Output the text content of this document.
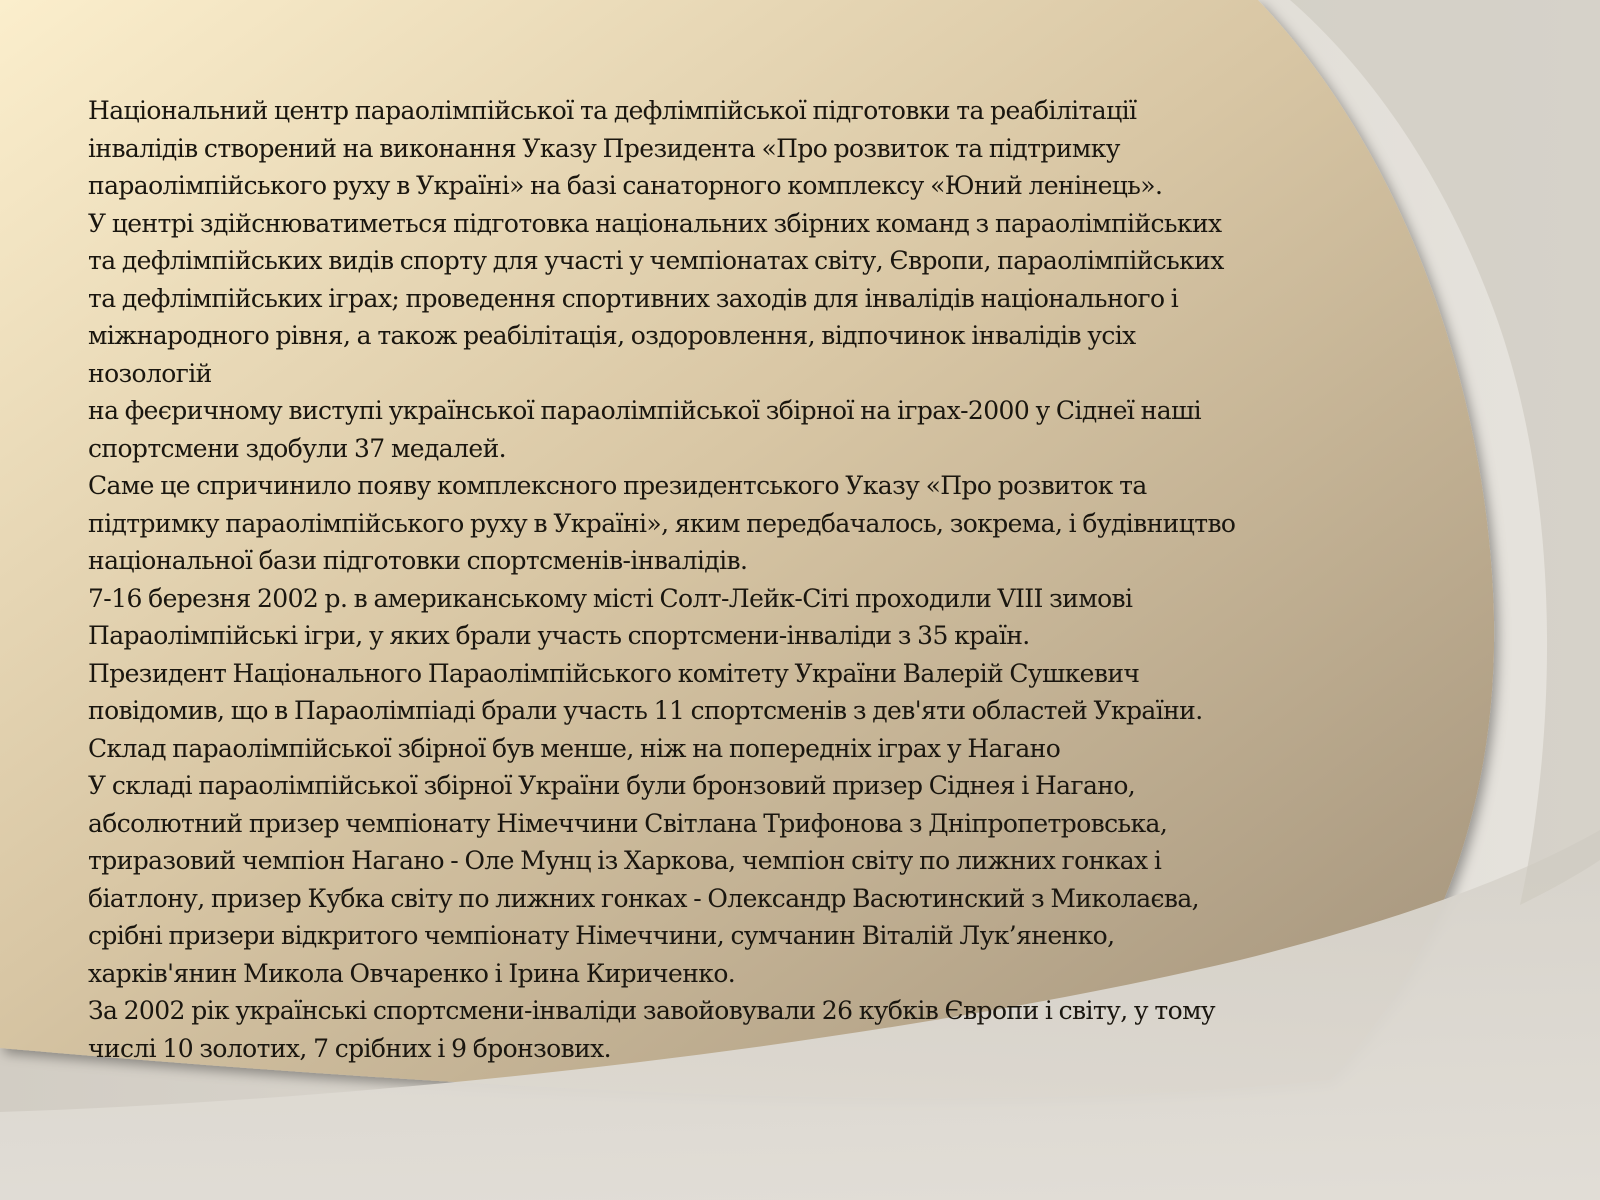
Національний центр параолімпійської та дефлімпійської підготовки та реабілітації
інвалідів створений на виконання Указу Президента «Про розвиток та підтримку
параолімпійського руху в Україні» на базі санаторного комплексу «Юний ленінець».
У центрі здійснюватиметься підготовка національних збірних команд з параолімпійських
та дефлімпійських видів спорту для участі у чемпіонатах світу, Європи, параолімпійських
та дефлімпійських іграх; проведення спортивних заходів для інвалідів національного і
міжнародного рівня, а також реабілітація, оздоровлення, відпочинок інвалідів усіх
нозологій
на феєричному виступі української параолімпійської збірної на іграх-2000 у Сіднеї наші
спортсмени здобули 37 медалей.
Саме це спричинило появу комплексного президентського Указу «Про розвиток та
підтримку параолімпійського руху в Україні», яким передбачалось, зокрема, і будівництво
національної бази підготовки спортсменів-інвалідів.
7-16 березня 2002 р. в американському місті Солт-Лейк-Сіті проходили VIII зимові
Параолімпійські ігри, у яких брали участь спортсмени-інваліди з 35 країн.
Президент Національного Параолімпійського комітету України Валерій Сушкевич
повідомив, що в Параолімпіаді брали участь 11 спортсменів з дев'яти областей України.
Склад параолімпійської збірної був менше, ніж на попередніх іграх у Нагано
У складі параолімпійської збірної України були бронзовий призер Сіднея і Нагано,
абсолютний призер чемпіонату Німеччини Світлана Трифонова з Дніпропетровська,
триразовий чемпіон Нагано - Оле Мунц із Харкова, чемпіон світу по лижних гонках і
біатлону, призер Кубка світу по лижних гонках - Олександр Васютинский з Миколаєва,
срібні призери відкритого чемпіонату Німеччини, сумчанин Віталій Лук’яненко,
харків'янин Микола Овчаренко і Ірина Кириченко.
За 2002 рік українські спортсмени-інваліди завойовували 26 кубків Європи і світу, у тому
числі 10 золотих, 7 срібних і 9 бронзових.
